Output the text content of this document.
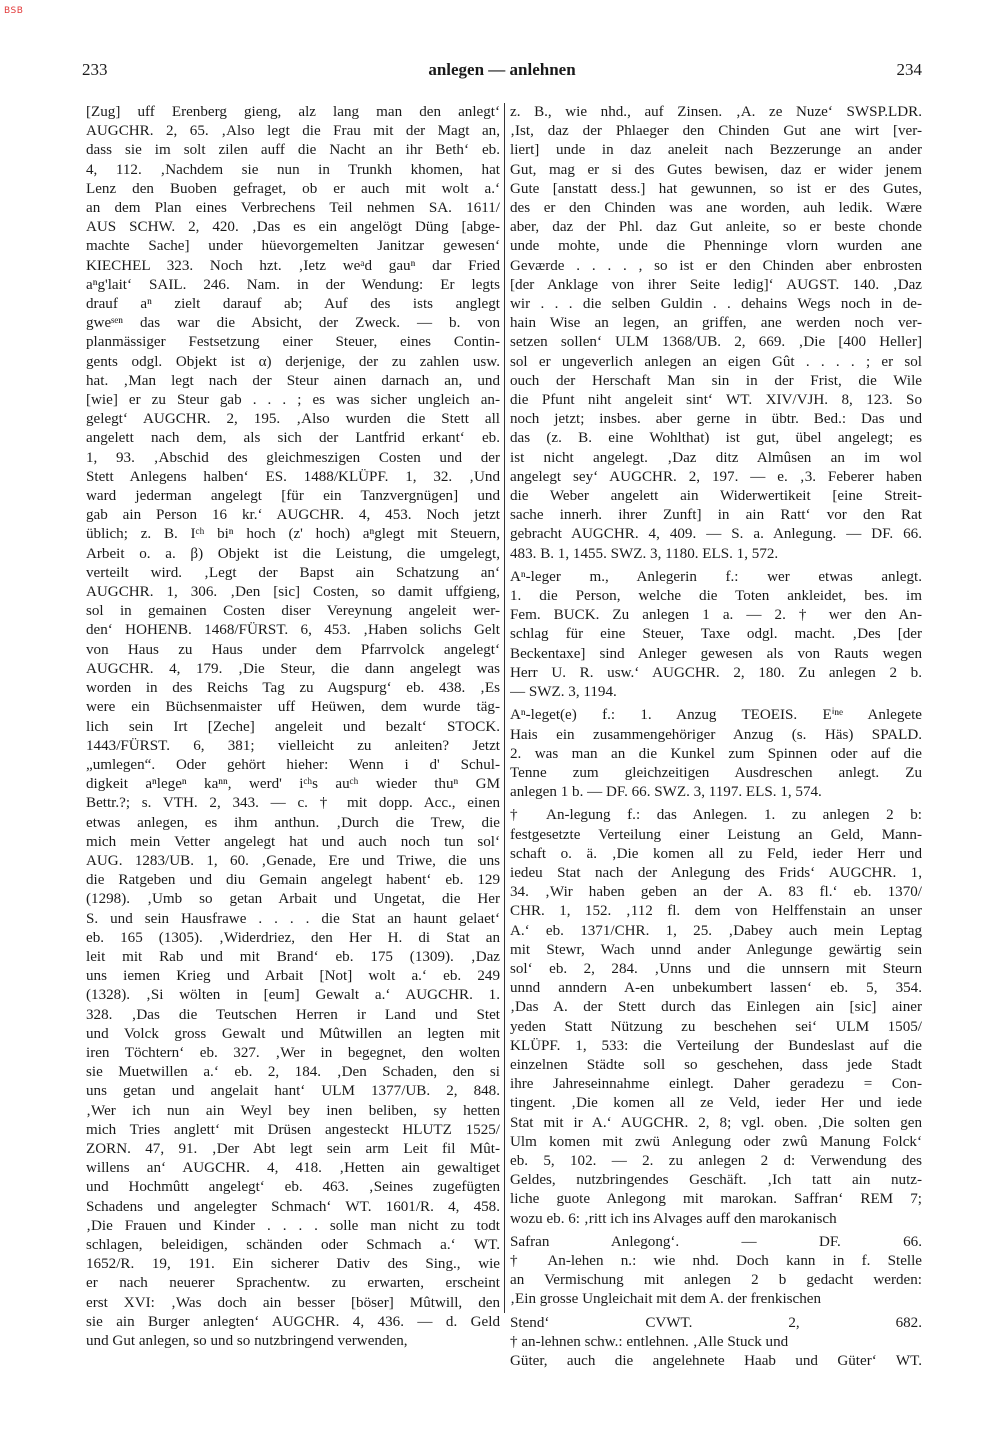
BSB
233	anlegen — anlehnen	234
[Zug] uff Erenberg gieng, alz lang man den anlegt‘
AUGCHR. 2, 65. ‚Also legt die Frau mit der Magt an,
dass sie im solt zilen auff die Nacht an ihr Beth‘ eb.
4, 112. ‚Nachdem sie nun in Trunkh khomen, hat
Lenz den Buoben gefraget, ob er auch mit wolt a.‘
an dem Plan eines Verbrechens Teil nehmen SA. 1611/
AUS SCHW. 2, 420. ‚Das es ein angelögt Düng [abge-
machte Sache] under hüevorgemelten Janitzar gewesen‘
KIECHEL 323. Noch hzt. ‚Ietz weᵃd gauⁿ dar Fried
aⁿg'lait‘ SAIL. 246. Nam. in der Wendung: Er legts
drauf aⁿ zielt darauf ab; Auf des ists anglegt
gweˢᵉⁿ das war die Absicht, der Zweck. — b. von
planmässiger Festsetzung einer Steuer, eines Contin-
gents odgl. Objekt ist α) derjenige, der zu zahlen usw.
hat. ‚Man legt nach der Steur ainen darnach an, und
[wie] er zu Steur gab . . . ; es was sicher ungleich an-
gelegt‘ AUGCHR. 2, 195. ‚Also wurden die Stett all
angelett nach dem, als sich der Lantfrid erkant‘ eb.
1, 93. ‚Abschid des gleichmeszigen Costen und der
Stett Anlegens halben‘ ES. 1488/KLÜPF. 1, 32. ‚Und
ward jederman angelegt [für ein Tanzvergnügen] und
gab ain Person 16 kr.‘ AUGCHR. 4, 453. Noch jetzt
üblich; z. B. Iᶜʰ biⁿ hoch (z' hoch) aⁿglegt mit Steuern,
Arbeit o. a. β) Objekt ist die Leistung, die umgelegt,
verteilt wird. ‚Legt der Bapst ain Schatzung an‘
AUGCHR. 1, 306. ‚Den [sic] Costen, so damit uffgieng,
sol in gemainen Costen diser Vereynung angeleit wer-
den‘ HOHENB. 1468/FÜRST. 6, 453. ‚Haben solichs Gelt
von Haus zu Haus under dem Pfarrvolck angelegt‘
AUGCHR. 4, 179. ‚Die Steur, die dann angelegt was
worden in des Reichs Tag zu Augspurg‘ eb. 438. ‚Es
were ein Büchsenmaister uff Heüwen, dem wurde täg-
lich sein Irt [Zeche] angeleit und bezalt‘ STOCK.
1443/FÜRST. 6, 381; vielleicht zu anleiten? Jetzt
„umlegen“. Oder gehört hieher: Wenn i d' Schul-
digkeit aⁿlegeⁿ kaⁿⁿ, werd' iᶜʰs auᶜʰ wieder thuⁿ GM
Bettr.?; s. VTH. 2, 343. — c. † mit dopp. Acc., einen
etwas anlegen, es ihm anthun. ‚Durch die Trew, die
mich mein Vetter angelegt hat und auch noch tun sol‘
AUG. 1283/UB. 1, 60. ‚Genade, Ere und Triwe, die uns
die Ratgeben und diu Gemain angelegt habent‘ eb. 129
(1298). ‚Umb so getan Arbait und Ungetat, die Her
S. und sein Hausfrawe . . . . die Stat an haunt gelaet‘
eb. 165 (1305). ‚Widerdriez, den Her H. di Stat an
leit mit Rab und mit Brand‘ eb. 175 (1309). ‚Daz
uns iemen Krieg und Arbait [Not] wolt a.‘ eb. 249
(1328). ‚Si wölten in [eum] Gewalt a.‘ AUGCHR. 1.
328. ‚Das die Teutschen Herren ir Land und Stet
und Volck gross Gewalt und Mûtwillen an legten mit
iren Töchtern‘ eb. 327. ‚Wer in begegnet, den wolten
sie Muetwillen a.‘ eb. 2, 184. ‚Den Schaden, den si
uns getan und angelait hant‘ ULM 1377/UB. 2, 848.
‚Wer ich nun ain Weyl bey inen beliben, sy hetten
mich Tries anglett‘ mit Drüsen angesteckt HLUTZ 1525/
ZORN. 47, 91. ‚Der Abt legt sein arm Leit fil Mût-
willens an‘ AUGCHR. 4, 418. ‚Hetten ain gewaltiget
und Hochmûtt angelegt‘ eb. 463. ‚Seines zugefügten
Schadens und angelegter Schmach‘ WT. 1601/R. 4, 458.
‚Die Frauen und Kinder . . . . solle man nicht zu todt
schlagen, beleidigen, schänden oder Schmach a.‘ WT.
1652/R. 19, 191. Ein sicherer Dativ des Sing., wie
er nach neuerer Sprachentw. zu erwarten, erscheint
erst XVI: ‚Was doch ain besser [böser] Mûtwill, den
sie ain Burger anlegten‘ AUGCHR. 4, 436. — d. Geld
und Gut anlegen, so und so nutzbringend verwenden,
z. B., wie nhd., auf Zinsen. ‚A. ze Nuze‘ SWSP.LDR.
‚Ist, daz der Phlaeger den Chinden Gut ane wirt [ver-
liert] unde in daz aneleit nach Bezzerunge an ander
Gut, mag er si des Gutes bewisen, daz er wider jenem
Gute [anstatt dess.] hat gewunnen, so ist er des Gutes,
des er den Chinden was ane worden, auh ledik. Wære
aber, daz der Phl. daz Gut anleite, so er beste chonde
unde mohte, unde die Phenninge vlorn wurden ane
Geværde . . . . , so ist er den Chinden aber enbrosten
[der Anklage von ihrer Seite ledig]‘ AUGST. 140. ‚Daz
wir . . . die selben Guldin . . dehains Wegs noch in de-
hain Wise an legen, an griffen, ane werden noch ver-
setzen sollen‘ ULM 1368/UB. 2, 669. ‚Die [400 Heller]
sol er ungeverlich anlegen an eigen Gût . . . . ; er sol
ouch der Herschaft Man sin in der Frist, die Wile
die Pfunt niht angeleit sint‘ WT. XIV/VJH. 8, 123. So
noch jetzt; insbes. aber gerne in übtr. Bed.: Das und
das (z. B. eine Wohlthat) ist gut, übel angelegt; es
ist nicht angelegt. ‚Daz ditz Almûsen an im wol
angelegt sey‘ AUGCHR. 2, 197. — e. ‚3. Feberer haben
die Weber angelett ain Widerwertikeit [eine Streit-
sache innerh. ihrer Zunft] in ain Ratt‘ vor den Rat
gebracht AUGCHR. 4, 409. — S. a. Anlegung. — DF. 66.
483. B. 1, 1455. SWZ. 3, 1180. ELS. 1, 572.
Aⁿ-leger m., Anlegerin f.: wer etwas anlegt.
1. die Person, welche die Toten ankleidet, bes. im
Fem. BUCK. Zu anlegen 1 a. — 2. † wer den An-
schlag für eine Steuer, Taxe odgl. macht. ‚Des [der
Beckentaxe] sind Anleger gewesen als von Rauts wegen
Herr U. R. usw.‘ AUGCHR. 2, 180. Zu anlegen 2 b.
— SWZ. 3, 1194.
Aⁿ-leget(e) f.: 1. Anzug TEOEIS. Eⁱⁿᵉ Anlegete
Hais ein zusammengehöriger Anzug (s. Häs) SPALD.
2. was man an die Kunkel zum Spinnen oder auf die
Tenne zum gleichzeitigen Ausdreschen anlegt. Zu
anlegen 1 b. — DF. 66. SWZ. 3, 1197. ELS. 1, 574.
† An-legung f.: das Anlegen. 1. zu anlegen 2 b:
festgesetzte Verteilung einer Leistung an Geld, Mann-
schaft o. ä. ‚Die komen all zu Feld, ieder Herr und
iedeu Stat nach der Anlegung des Frids‘ AUGCHR. 1,
34. ‚Wir haben geben an der A. 83 fl.‘ eb. 1370/
CHR. 1, 152. ‚112 fl. dem von Helffenstain an unser
A.‘ eb. 1371/CHR. 1, 25. ‚Dabey auch mein Leptag
mit Stewr, Wach unnd ander Anlegunge gewärtig sein
sol‘ eb. 2, 284. ‚Unns und die unnsern mit Steurn
unnd anndern A-en unbekumbert lassen‘ eb. 5, 354.
‚Das A. der Stett durch das Einlegen ain [sic] ainer
yeden Statt Nützung zu beschehen sei‘ ULM 1505/
KLÜPF. 1, 533: die Verteilung der Bundeslast auf die
einzelnen Städte soll so geschehen, dass jede Stadt
ihre Jahreseinnahme einlegt. Daher geradezu = Con-
tingent. ‚Die komen all ze Veld, ieder Her und iede
Stat mit ir A.‘ AUGCHR. 2, 8; vgl. oben. ‚Die solten gen
Ulm komen mit zwü Anlegung oder zwû Manung Folck‘
eb. 5, 102. — 2. zu anlegen 2 d: Verwendung des
Geldes, nutzbringendes Geschäft. ‚Ich tatt ain nutz-
liche guote Anlegong mit marokan. Saffran‘ REM 7;
wozu eb. 6: ‚ritt ich ins Alvages auff den marokanisch
Safran Anlegong‘. — DF. 66.
† An-lehen n.: wie nhd. Doch kann in f. Stelle
an Vermischung mit anlegen 2 b gedacht werden:
‚Ein grosse Ungleichait mit dem A. der frenkischen
Stend‘ CVWT. 2, 682.
† an-lehnen schw.: entlehnen. ‚Alle Stuck und
Güter, auch die angelehnete Haab und Güter‘ WT.
